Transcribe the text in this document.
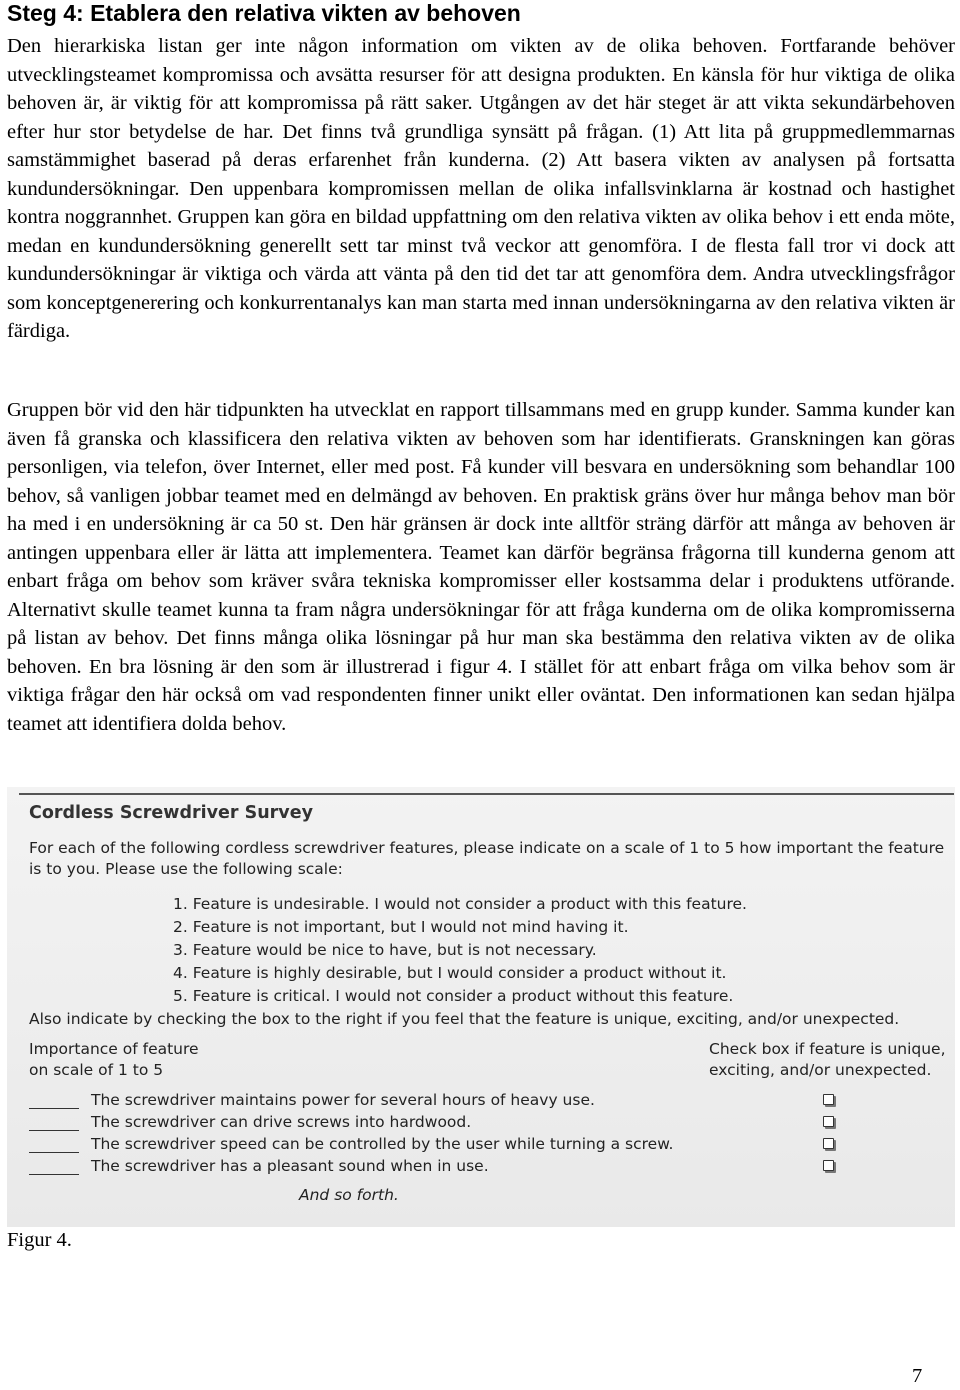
Steg 4: Etablera den relativa vikten av behoven

Den hierarkiska listan ger inte någon information om vikten av de olika behoven. Fortfarande behöver utvecklingsteamet kompromissa och avsätta resurser för att designa produkten. En känsla för hur viktiga de olika behoven är, är viktig för att kompromissa på rätt saker. Utgången av det här steget är att vikta sekundärbehoven efter hur stor betydelse de har. Det finns två grundliga synsätt på frågan. (1) Att lita på gruppmedlemmarnas samstämmighet baserad på deras erfarenhet från kunderna. (2) Att basera vikten av analysen på fortsatta kundundersökningar. Den uppenbara kompromissen mellan de olika infallsvinklarna är kostnad och hastighet kontra noggrannhet. Gruppen kan göra en bildad uppfattning om den relativa vikten av olika behov i ett enda möte, medan en kundundersökning generellt sett tar minst två veckor att genomföra. I de flesta fall tror vi dock att kundundersökningar är viktiga och värda att vänta på den tid det tar att genomföra dem. Andra utvecklingsfrågor som konceptgenerering och konkurrentanalys kan man starta med innan undersökningarna av den relativa vikten är färdiga.

Gruppen bör vid den här tidpunkten ha utvecklat en rapport tillsammans med en grupp kunder. Samma kunder kan även få granska och klassificera den relativa vikten av behoven som har identifierats. Granskningen kan göras personligen, via telefon, över Internet, eller med post. Få kunder vill besvara en undersökning som behandlar 100 behov, så vanligen jobbar teamet med en delmängd av behoven. En praktisk gräns över hur många behov man bör ha med i en undersökning är ca 50 st. Den här gränsen är dock inte alltför sträng därför att många av behoven är antingen uppenbara eller är lätta att implementera. Teamet kan därför begränsa frågorna till kunderna genom att enbart fråga om behov som kräver svåra tekniska kompromisser eller kostsamma delar i produktens utförande. Alternativt skulle teamet kunna ta fram några undersökningar för att fråga kunderna om de olika kompromisserna på listan av behov. Det finns många olika lösningar på hur man ska bestämma den relativa vikten av de olika behoven. En bra lösning är den som är illustrerad i figur 4. I stället för att enbart fråga om vilka behov som är viktiga frågar den här också om vad respondenten finner unikt eller oväntat. Den informationen kan sedan hjälpa teamet att identifiera dolda behov.

Cordless Screwdriver Survey
For each of the following cordless screwdriver features, please indicate on a scale of 1 to 5 how important the feature
is to you. Please use the following scale:
1. Feature is undesirable. I would not consider a product with this feature.
2. Feature is not important, but I would not mind having it.
3. Feature would be nice to have, but is not necessary.
4. Feature is highly desirable, but I would consider a product without it.
5. Feature is critical. I would not consider a product without this feature.
Also indicate by checking the box to the right if you feel that the feature is unique, exciting, and/or unexpected.
Importance of feature
on scale of 1 to 5
Check box if feature is unique,
exciting, and/or unexpected.
The screwdriver maintains power for several hours of heavy use.
The screwdriver can drive screws into hardwood.
The screwdriver speed can be controlled by the user while turning a screw.
The screwdriver has a pleasant sound when in use.
And so forth.
Figur 4.
7
